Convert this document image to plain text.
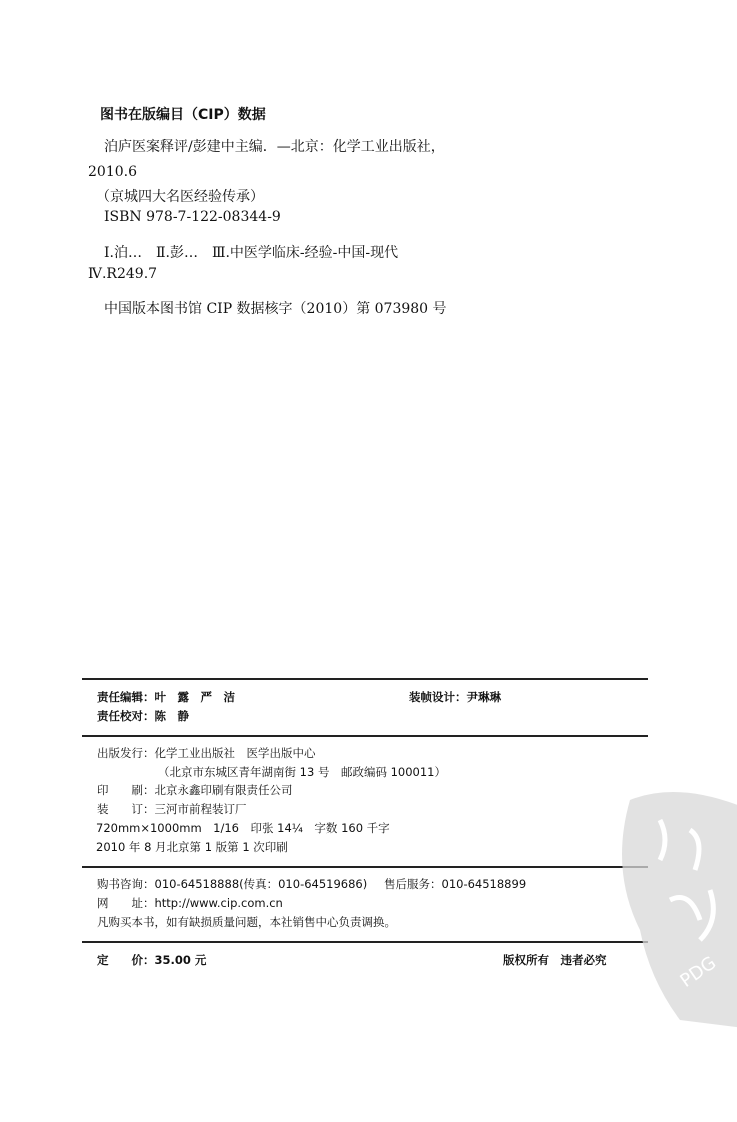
图书在版编目（CIP）数据
泊庐医案释评/彭建中主编．—北京：化学工业出版社，
2010.6
（京城四大名医经验传承）
ISBN 978-7-122-08344-9
Ⅰ.泊…　Ⅱ.彭…　Ⅲ.中医学临床-经验-中国-现代
Ⅳ.R249.7
中国版本图书馆 CIP 数据核字（2010）第 073980 号
责任编辑：叶　露　严　洁	装帧设计：尹琳琳
责任校对：陈　静
出版发行：化学工业出版社　医学出版中心
（北京市东城区青年湖南街 13 号　邮政编码 100011）
印　　刷：北京永鑫印刷有限责任公司
装　　订：三河市前程装订厂
720mm×1000mm　1/16　印张 14¼　字数 160 千字
2010 年 8 月北京第 1 版第 1 次印刷
购书咨询：010-64518888(传真：010-64519686) 售后服务：010-64518899
网　　址：http://www.cip.com.cn
凡购买本书，如有缺损质量问题，本社销售中心负责调换。
定　　价：35.00 元	版权所有　违者必究	PDG
